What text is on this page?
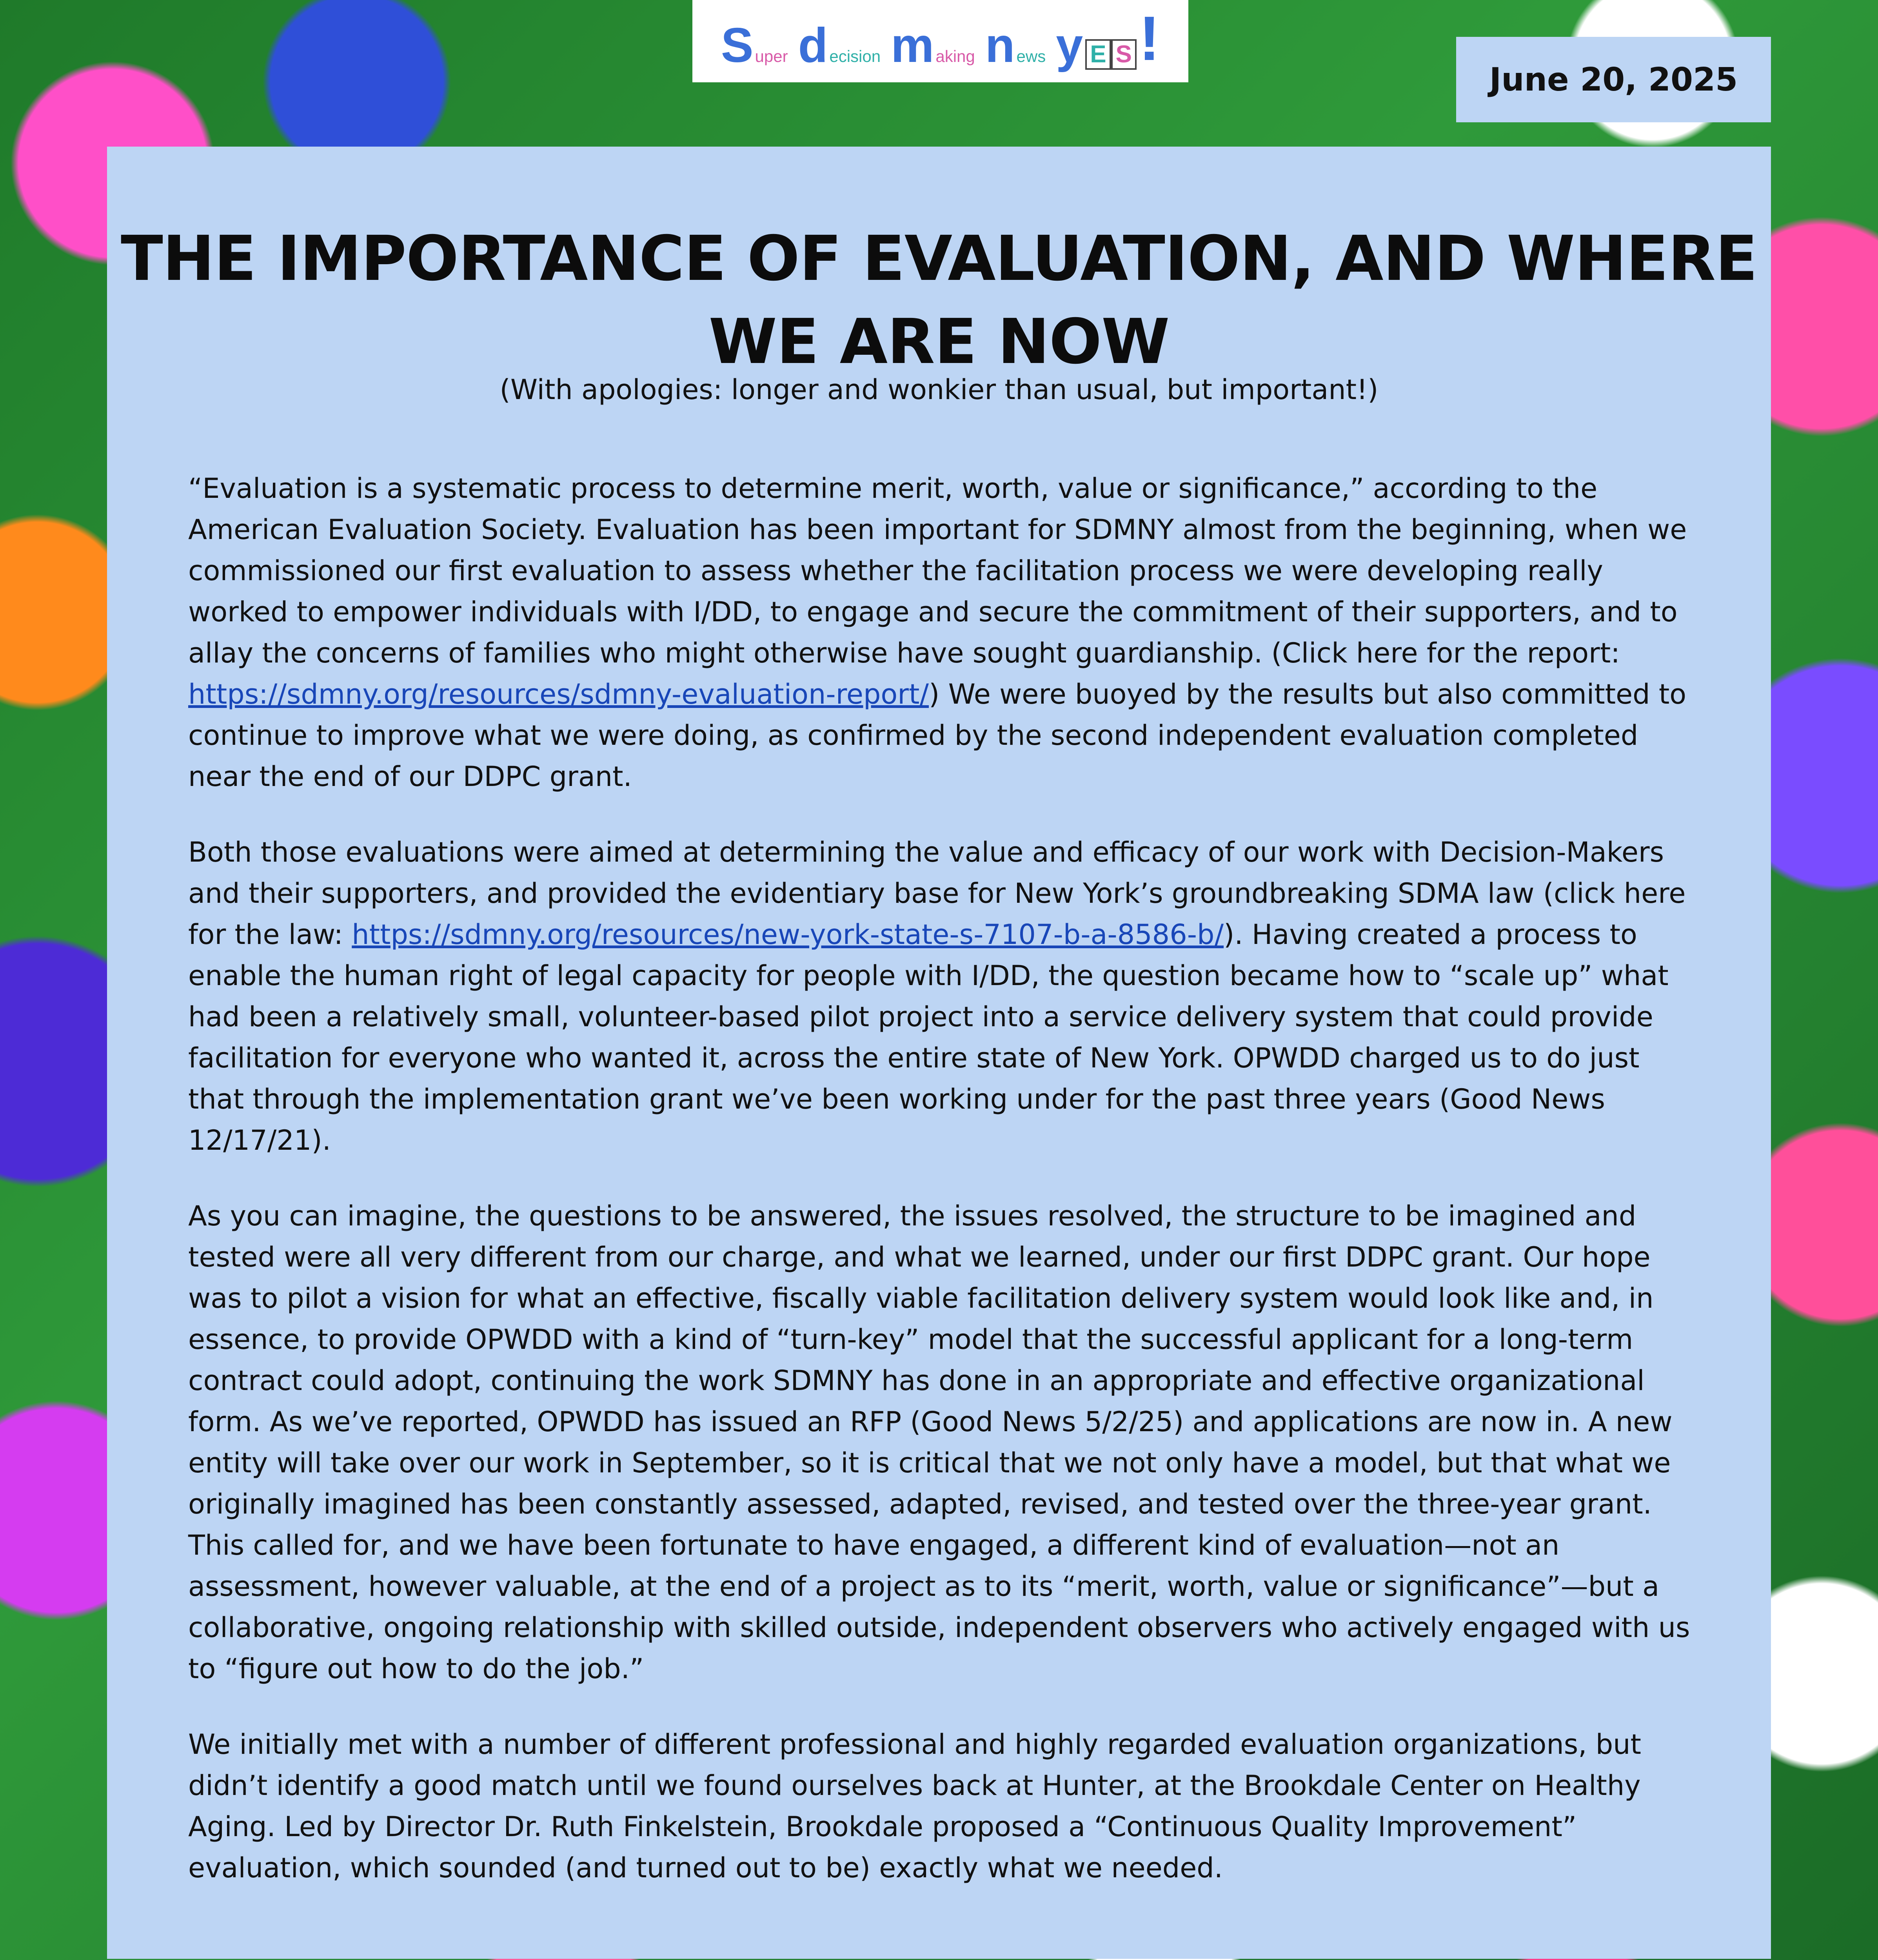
S uper d ecision m aking n ews y E S !
June 20, 2025
THE IMPORTANCE OF EVALUATION, AND WHERE WE ARE NOW
(With apologies: longer and wonkier than usual, but important!)

“Evaluation is a systematic process to determine merit, worth, value or significance,” according to the American Evaluation Society. Evaluation has been important for SDMNY almost from the beginning, when we commissioned our first evaluation to assess whether the facilitation process we were developing really worked to empower individuals with I/DD, to engage and secure the commitment of their supporters, and to allay the concerns of families who might otherwise have sought guardianship. (Click here for the report: https://sdmny.org/resources/sdmny-evaluation-report/) We were buoyed by the results but also committed to continue to improve what we were doing, as confirmed by the second independent evaluation completed near the end of our DDPC grant.

Both those evaluations were aimed at determining the value and efficacy of our work with Decision-Makers and their supporters, and provided the evidentiary base for New York’s groundbreaking SDMA law (click here for the law: https://sdmny.org/resources/new-york-state-s-7107-b-a-8586-b/). Having created a process to enable the human right of legal capacity for people with I/DD, the question became how to “scale up” what had been a relatively small, volunteer-based pilot project into a service delivery system that could provide facilitation for everyone who wanted it, across the entire state of New York. OPWDD charged us to do just that through the implementation grant we’ve been working under for the past three years (Good News 12/17/21).

As you can imagine, the questions to be answered, the issues resolved, the structure to be imagined and tested were all very different from our charge, and what we learned, under our first DDPC grant. Our hope was to pilot a vision for what an effective, fiscally viable facilitation delivery system would look like and, in essence, to provide OPWDD with a kind of “turn-key” model that the successful applicant for a long-term contract could adopt, continuing the work SDMNY has done in an appropriate and effective organizational form. As we’ve reported, OPWDD has issued an RFP (Good News 5/2/25) and applications are now in. A new entity will take over our work in September, so it is critical that we not only have a model, but that what we originally imagined has been constantly assessed, adapted, revised, and tested over the three-year grant. This called for, and we have been fortunate to have engaged, a different kind of evaluation—not an assessment, however valuable, at the end of a project as to its “merit, worth, value or significance”—but a collaborative, ongoing relationship with skilled outside, independent observers who actively engaged with us to “figure out how to do the job.”

We initially met with a number of different professional and highly regarded evaluation organizations, but didn’t identify a good match until we found ourselves back at Hunter, at the Brookdale Center on Healthy Aging. Led by Director Dr. Ruth Finkelstein, Brookdale proposed a “Continuous Quality Improvement” evaluation, which sounded (and turned out to be) exactly what we needed.
